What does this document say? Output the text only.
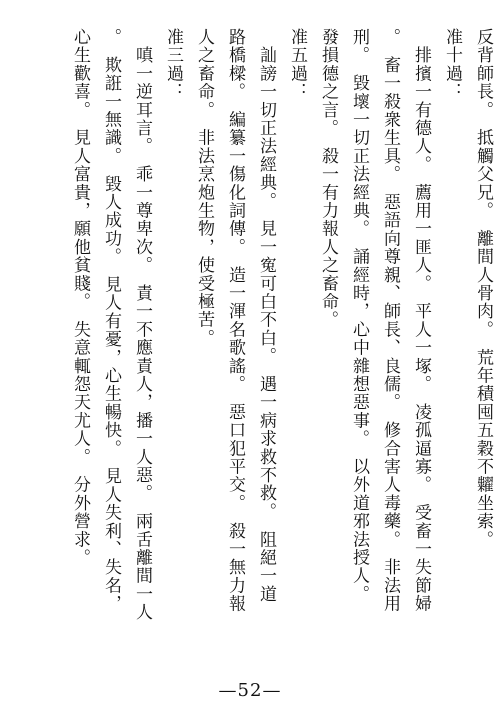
反背師長。　抵觸父兄。　離間人骨肉。　荒年積囤五穀不糶坐索。
准十過：
　排擯一有德人。　薦用一匪人。　平人一塚。　凌孤逼寡。　受畜一失節婦
。　畜一殺衆生具。　惡語向尊親、師長、良儒。　修合害人毒藥。　非法用
刑。　毀壞一切正法經典。　誦經時，心中雜想惡事。　以外道邪法授人。
發損德之言。　殺一有力報人之畜命。
准五過：
　訕謗一切正法經典。　見一寃可白不白。　遇一病求救不救。　阻絕一道
路橋樑。　編纂一傷化詞傳。　造一渾名歌謠。　惡口犯平交。　殺一無力報
人之畜命。　非法烹炮生物，使受極苦。
准三過：
　嗔一逆耳言。　乖一尊卑次。　責一不應責人，播一人惡。　兩舌離間一人
。　欺誑一無識。　毀人成功。　見人有憂，心生暢快。　見人失利、失名，
心生歡喜。　見人富貴，願他貧賤。　失意輒怨天尤人。　分外營求。
—52—
